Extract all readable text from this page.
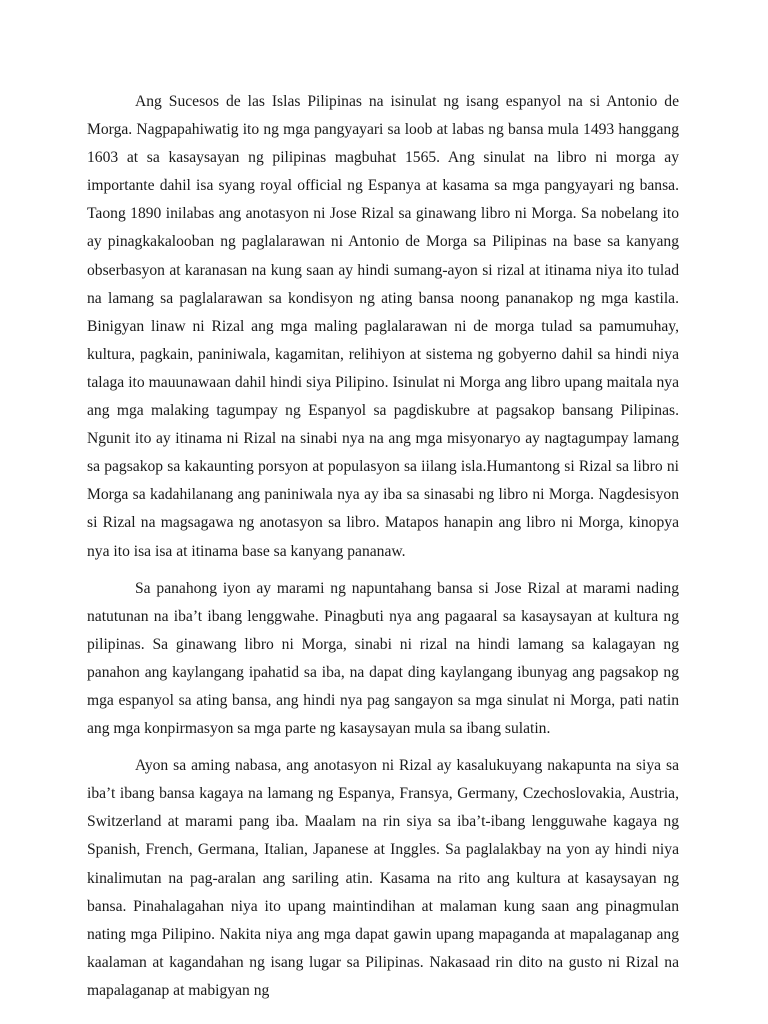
Ang Sucesos de las Islas Pilipinas na isinulat ng isang espanyol na si Antonio de Morga. Nagpapahiwatig ito ng mga pangyayari sa loob at labas ng bansa mula 1493 hanggang 1603 at sa kasaysayan ng pilipinas magbuhat 1565. Ang sinulat na libro ni morga ay importante dahil isa syang royal official ng Espanya at kasama sa mga pangyayari ng bansa. Taong 1890 inilabas ang anotasyon ni Jose Rizal sa ginawang libro ni Morga. Sa nobelang ito ay pinagkakalooban ng paglalarawan ni Antonio de Morga sa Pilipinas na base sa kanyang obserbasyon at karanasan na kung saan ay hindi sumang-ayon si rizal at itinama niya ito tulad na lamang sa paglalarawan sa kondisyon ng ating bansa noong pananakop ng mga kastila. Binigyan linaw ni Rizal ang mga maling paglalarawan ni de morga tulad sa pamumuhay, kultura, pagkain, paniniwala, kagamitan, relihiyon at sistema ng gobyerno dahil sa hindi niya talaga ito mauunawaan dahil hindi siya Pilipino. Isinulat ni Morga ang libro upang maitala nya ang mga malaking tagumpay ng Espanyol sa pagdiskubre at pagsakop bansang Pilipinas. Ngunit ito ay itinama ni Rizal na sinabi nya na ang mga misyonaryo ay nagtagumpay lamang sa pagsakop sa kakaunting porsyon at populasyon sa iilang isla.Humantong si Rizal sa libro ni Morga sa kadahilanang ang paniniwala nya ay iba sa sinasabi ng libro ni Morga. Nagdesisyon si Rizal na magsagawa ng anotasyon sa libro. Matapos hanapin ang libro ni Morga, kinopya nya ito isa isa at itinama base sa kanyang pananaw.

Sa panahong iyon ay marami ng napuntahang bansa si Jose Rizal at marami nading natutunan na iba’t ibang lenggwahe. Pinagbuti nya ang pagaaral sa kasaysayan at kultura ng pilipinas. Sa ginawang libro ni Morga, sinabi ni rizal na hindi lamang sa kalagayan ng panahon ang kaylangang ipahatid sa iba, na dapat ding kaylangang ibunyag ang pagsakop ng mga espanyol sa ating bansa, ang hindi nya pag sangayon sa mga sinulat ni Morga, pati natin ang mga konpirmasyon sa mga parte ng kasaysayan mula sa ibang sulatin.

Ayon sa aming nabasa, ang anotasyon ni Rizal ay kasalukuyang nakapunta na siya sa iba’t ibang bansa kagaya na lamang ng Espanya, Fransya, Germany, Czechoslovakia, Austria, Switzerland at marami pang iba. Maalam na rin siya sa iba’t-ibang lengguwahe kagaya ng Spanish, French, Germana, Italian, Japanese at Inggles. Sa paglalakbay na yon ay hindi niya kinalimutan na pag-aralan ang sariling atin. Kasama na rito ang kultura at kasaysayan ng bansa. Pinahalagahan niya ito upang maintindihan at malaman kung saan ang pinagmulan nating mga Pilipino. Nakita niya ang mga dapat gawin upang mapaganda at mapalaganap ang kaalaman at kagandahan ng isang lugar sa Pilipinas. Nakasaad rin dito na gusto ni Rizal na mapalaganap at mabigyan ng
